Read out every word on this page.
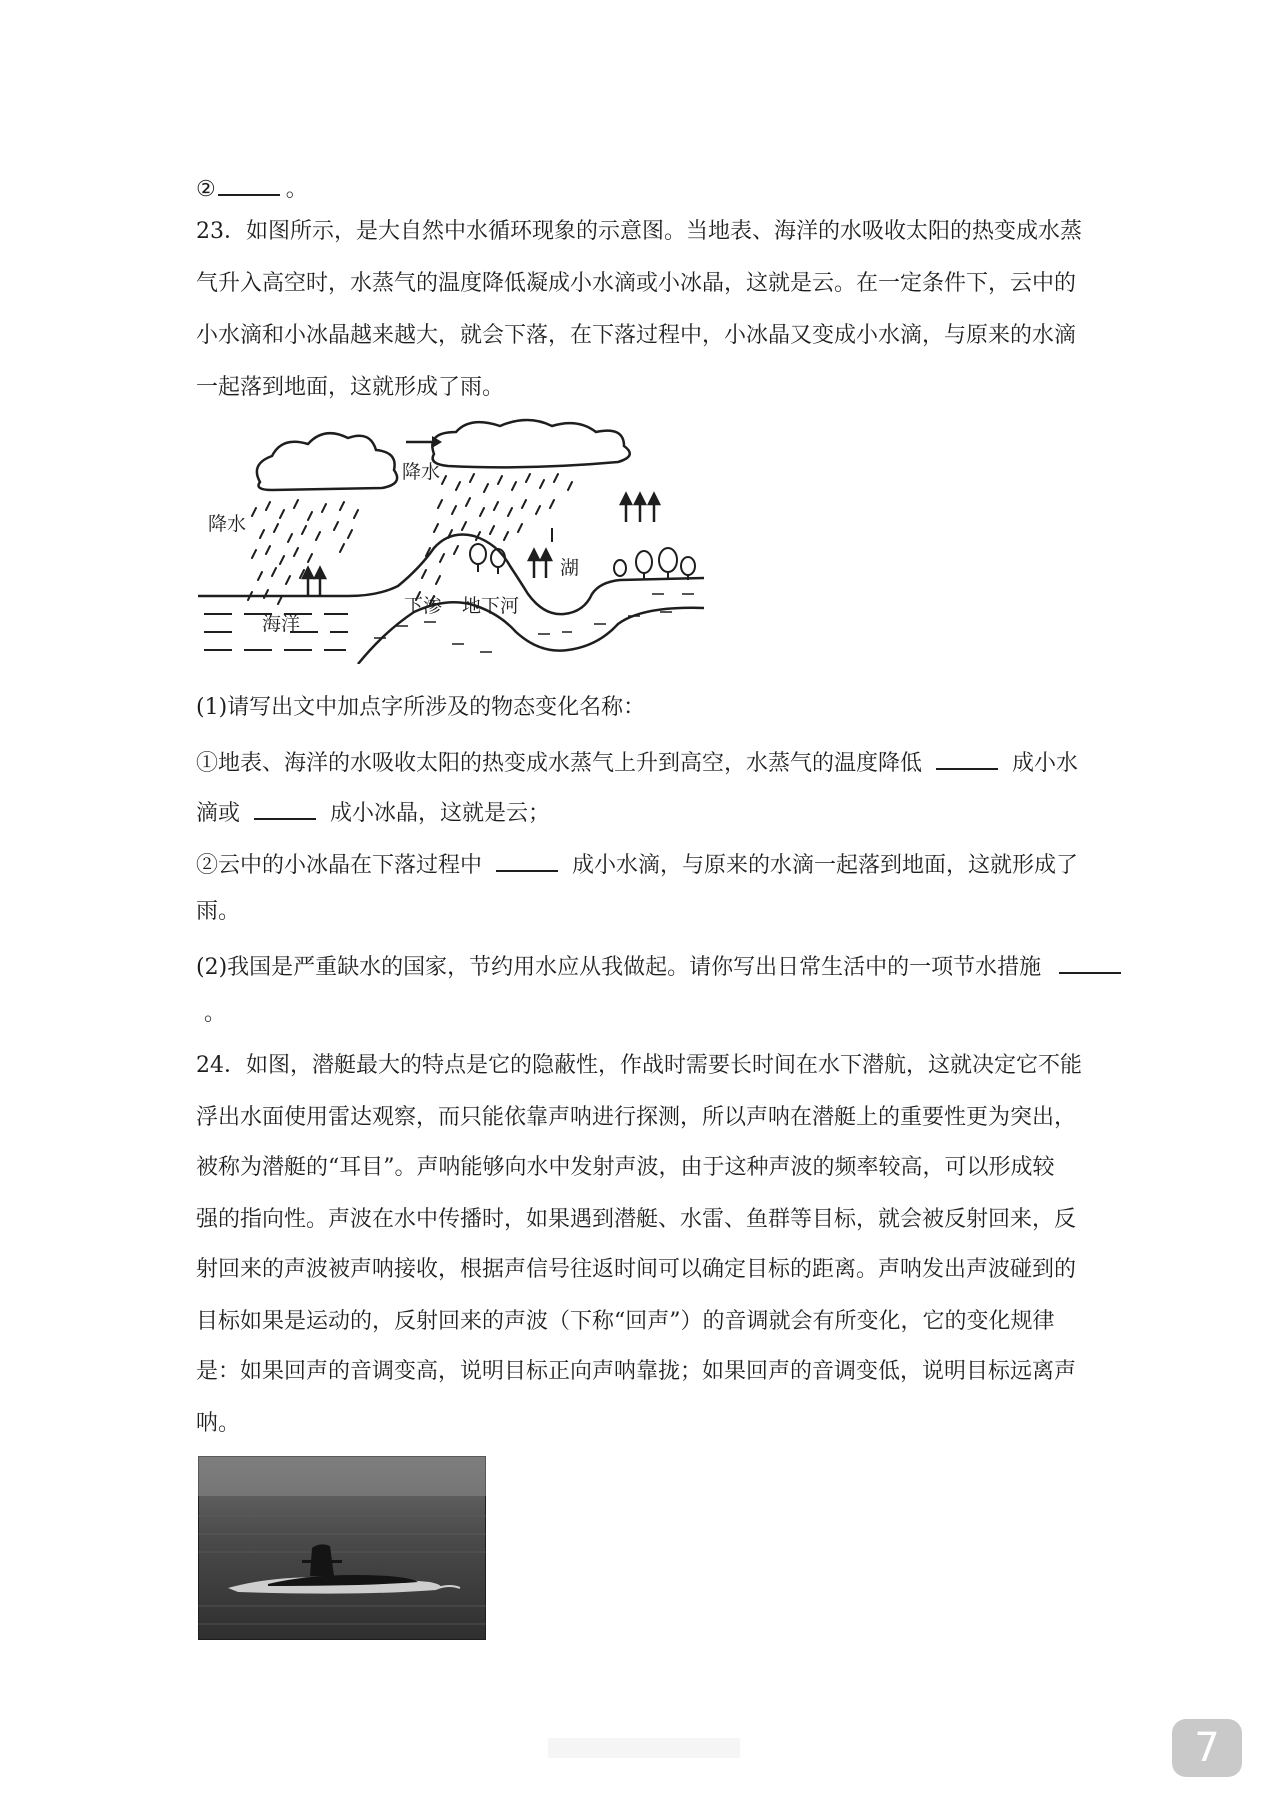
②	。
23．如图所示，是大自然中水循环现象的示意图。当地表、海洋的水吸收太阳的热变成水蒸
气升入高空时，水蒸气的温度降低凝成小水滴或小冰晶，这就是云。在一定条件下，云中的
小水滴和小冰晶越来越大，就会下落，在下落过程中，小冰晶又变成小水滴，与原来的水滴
一起落到地面，这就形成了雨。
降水
降水
海洋
下渗 地下河
湖
(1)请写出文中加点字所涉及的物态变化名称：
①地表、海洋的水吸收太阳的热变成水蒸气上升到高空，水蒸气的温度降低	成小水
滴或	成小冰晶，这就是云；
②云中的小冰晶在下落过程中	成小水滴，与原来的水滴一起落到地面，这就形成了
雨。
(2)我国是严重缺水的国家，节约用水应从我做起。请你写出日常生活中的一项节水措施
。
24．如图，潜艇最大的特点是它的隐蔽性，作战时需要长时间在水下潜航，这就决定它不能
浮出水面使用雷达观察，而只能依靠声呐进行探测，所以声呐在潜艇上的重要性更为突出，
被称为潜艇的“耳目”。声呐能够向水中发射声波，由于这种声波的频率较高，可以形成较
强的指向性。声波在水中传播时，如果遇到潜艇、水雷、鱼群等目标，就会被反射回来，反
射回来的声波被声呐接收，根据声信号往返时间可以确定目标的距离。声呐发出声波碰到的
目标如果是运动的，反射回来的声波（下称“回声”）的音调就会有所变化，它的变化规律
是：如果回声的音调变高，说明目标正向声呐靠拢；如果回声的音调变低，说明目标远离声
呐。
7
